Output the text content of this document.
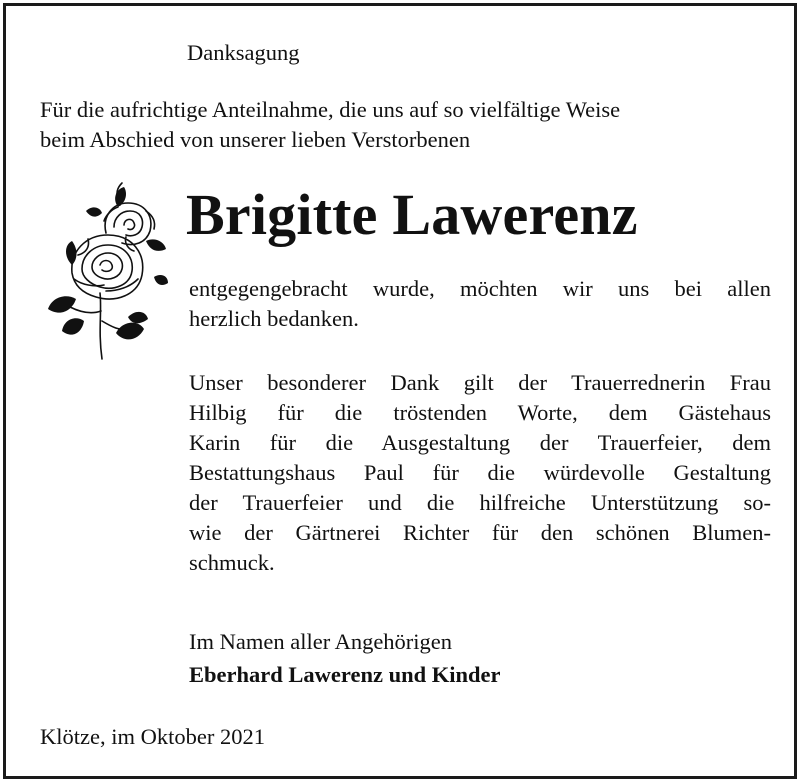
Danksagung

Für die aufrichtige Anteilnahme, die uns auf so vielfältige Weise

beim Abschied von unserer lieben Verstorbenen

Brigitte Lawerenz

entgegengebracht wurde, möchten wir uns bei allen
herzlich bedanken.
Unser besonderer Dank gilt der Trauerrednerin Frau
Hilbig für die tröstenden Worte, dem Gästehaus
Karin für die Ausgestaltung der Trauerfeier, dem
Bestattungshaus Paul für die würdevolle Gestaltung
der Trauerfeier und die hilfreiche Unterstützung so-
wie der Gärtnerei Richter für den schönen Blumen-
schmuck.

Im Namen aller Angehörigen

Eberhard Lawerenz und Kinder

Klötze, im Oktober 2021
